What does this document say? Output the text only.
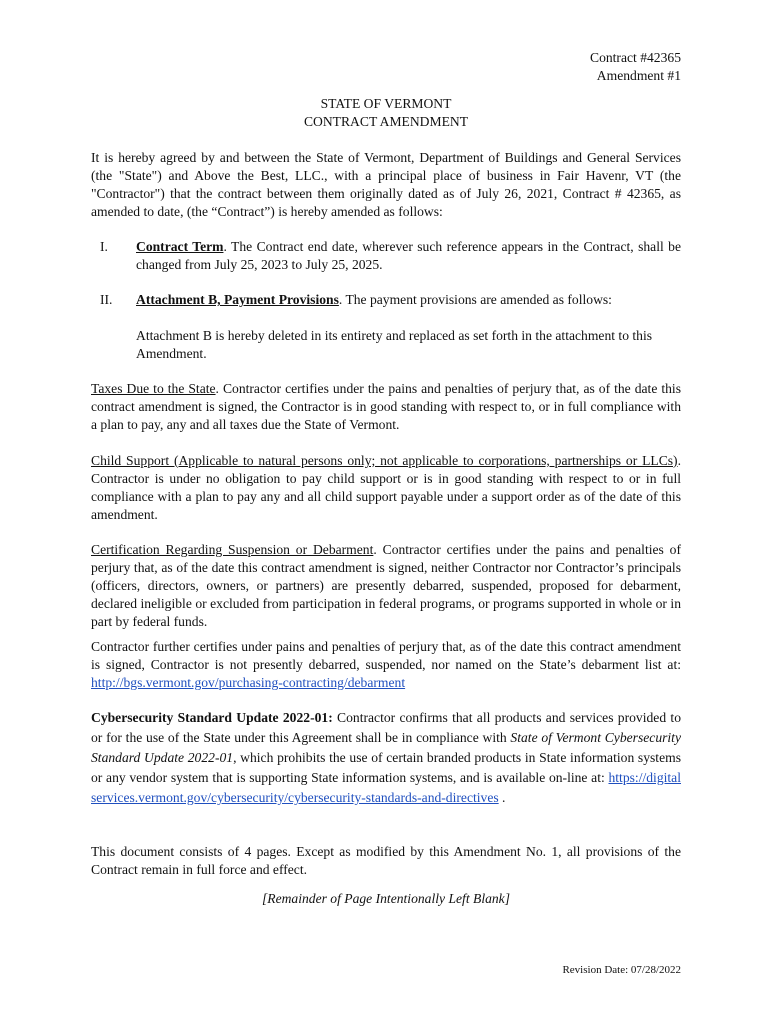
Contract #42365
Amendment #1
STATE OF VERMONT
CONTRACT AMENDMENT
It is hereby agreed by and between the State of Vermont, Department of Buildings and General Services (the "State") and Above the Best, LLC., with a principal place of business in Fair Havenr, VT (the "Contractor") that the contract between them originally dated as of July 26, 2021, Contract # 42365, as amended to date, (the “Contract”) is hereby amended as follows:
I.	Contract Term. The Contract end date, wherever such reference appears in the Contract, shall be changed from July 25, 2023 to July 25, 2025.
II.	Attachment B, Payment Provisions. The payment provisions are amended as follows:
Attachment B is hereby deleted in its entirety and replaced as set forth in the attachment to this Amendment.
Taxes Due to the State. Contractor certifies under the pains and penalties of perjury that, as of the date this contract amendment is signed, the Contractor is in good standing with respect to, or in full compliance with a plan to pay, any and all taxes due the State of Vermont.
Child Support (Applicable to natural persons only; not applicable to corporations, partnerships or LLCs). Contractor is under no obligation to pay child support or is in good standing with respect to or in full compliance with a plan to pay any and all child support payable under a support order as of the date of this amendment.
Certification Regarding Suspension or Debarment. Contractor certifies under the pains and penalties of perjury that, as of the date this contract amendment is signed, neither Contractor nor Contractor’s principals (officers, directors, owners, or partners) are presently debarred, suspended, proposed for debarment, declared ineligible or excluded from participation in federal programs, or programs supported in whole or in part by federal funds.
Contractor further certifies under pains and penalties of perjury that, as of the date this contract amendment is signed, Contractor is not presently debarred, suspended, nor named on the State’s debarment list at: http://bgs.vermont.gov/purchasing-contracting/debarment
Cybersecurity Standard Update 2022-01: Contractor confirms that all products and services provided to or for the use of the State under this Agreement shall be in compliance with State of Vermont Cybersecurity Standard Update 2022-01, which prohibits the use of certain branded products in State information systems or any vendor system that is supporting State information systems, and is available on-line at: https://digitalservices.vermont.gov/cybersecurity/cybersecurity-standards-and-directives .
This document consists of 4 pages. Except as modified by this Amendment No. 1, all provisions of the Contract remain in full force and effect.
[Remainder of Page Intentionally Left Blank]
Revision Date: 07/28/2022
